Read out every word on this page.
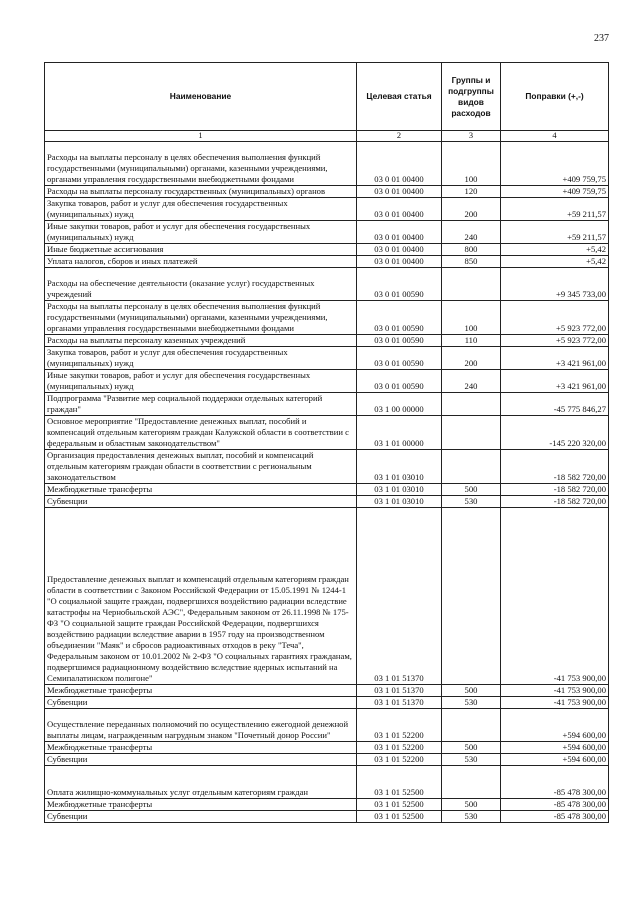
237
Наименование	Целевая статья	Группы и подгруппы видов расходов	Поправки (+,-)
1	2	3	4
Расходы на выплаты персоналу в целях обеспечения выполнения функций государственными (муниципальными) органами, казенными учреждениями, органами управления государственными внебюджетными фондами	03 0 01 00400	100	+409 759,75
Расходы на выплаты персоналу государственных (муниципальных) органов	03 0 01 00400	120	+409 759,75
Закупка товаров, работ и услуг для обеспечения государственных (муниципальных) нужд	03 0 01 00400	200	+59 211,57
Иные закупки товаров, работ и услуг для обеспечения государственных (муниципальных) нужд	03 0 01 00400	240	+59 211,57
Иные бюджетные ассигнования	03 0 01 00400	800	+5,42
Уплата налогов, сборов и иных платежей	03 0 01 00400	850	+5,42
Расходы на обеспечение деятельности (оказание услуг) государственных учреждений	03 0 01 00590		+9 345 733,00
Расходы на выплаты персоналу в целях обеспечения выполнения функций государственными (муниципальными) органами, казенными учреждениями, органами управления государственными внебюджетными фондами	03 0 01 00590	100	+5 923 772,00
Расходы на выплаты персоналу казенных учреждений	03 0 01 00590	110	+5 923 772,00
Закупка товаров, работ и услуг для обеспечения государственных (муниципальных) нужд	03 0 01 00590	200	+3 421 961,00
Иные закупки товаров, работ и услуг для обеспечения государственных (муниципальных) нужд	03 0 01 00590	240	+3 421 961,00
Подпрограмма "Развитие мер социальной поддержки отдельных категорий граждан"	03 1 00 00000		-45 775 846,27
Основное мероприятие "Предоставление денежных выплат, пособий и компенсаций отдельным категориям граждан Калужской области в соответствии с федеральным и областным законодательством"	03 1 01 00000		-145 220 320,00
Организация предоставления денежных выплат, пособий и компенсаций отдельным категориям граждан области в соответствии с региональным законодательством	03 1 01 03010		-18 582 720,00
Межбюджетные трансферты	03 1 01 03010	500	-18 582 720,00
Субвенции	03 1 01 03010	530	-18 582 720,00
Предоставление денежных выплат и компенсаций отдельным категориям граждан области в соответствии с Законом Российской Федерации от 15.05.1991 № 1244-1 "О социальной защите граждан, подвергшихся воздействию радиации вследствие катастрофы на Чернобыльской АЭС", Федеральным законом от 26.11.1998 № 175-ФЗ "О социальной защите граждан Российской Федерации, подвергшихся воздействию радиации вследствие аварии в 1957 году на производственном объединении "Маяк" и сбросов радиоактивных отходов в реку "Теча", Федеральным законом от 10.01.2002 № 2-ФЗ "О социальных гарантиях гражданам, подвергшимся радиационному воздействию вследствие ядерных испытаний на Семипалатинском полигоне"	03 1 01 51370		-41 753 900,00
Межбюджетные трансферты	03 1 01 51370	500	-41 753 900,00
Субвенции	03 1 01 51370	530	-41 753 900,00
Осуществление переданных полномочий по осуществлению ежегодной денежной выплаты лицам, награжденным нагрудным знаком "Почетный донор России"	03 1 01 52200		+594 600,00
Межбюджетные трансферты	03 1 01 52200	500	+594 600,00
Субвенции	03 1 01 52200	530	+594 600,00
Оплата жилищно-коммунальных услуг отдельным категориям граждан	03 1 01 52500		-85 478 300,00
Межбюджетные трансферты	03 1 01 52500	500	-85 478 300,00
Субвенции	03 1 01 52500	530	-85 478 300,00
